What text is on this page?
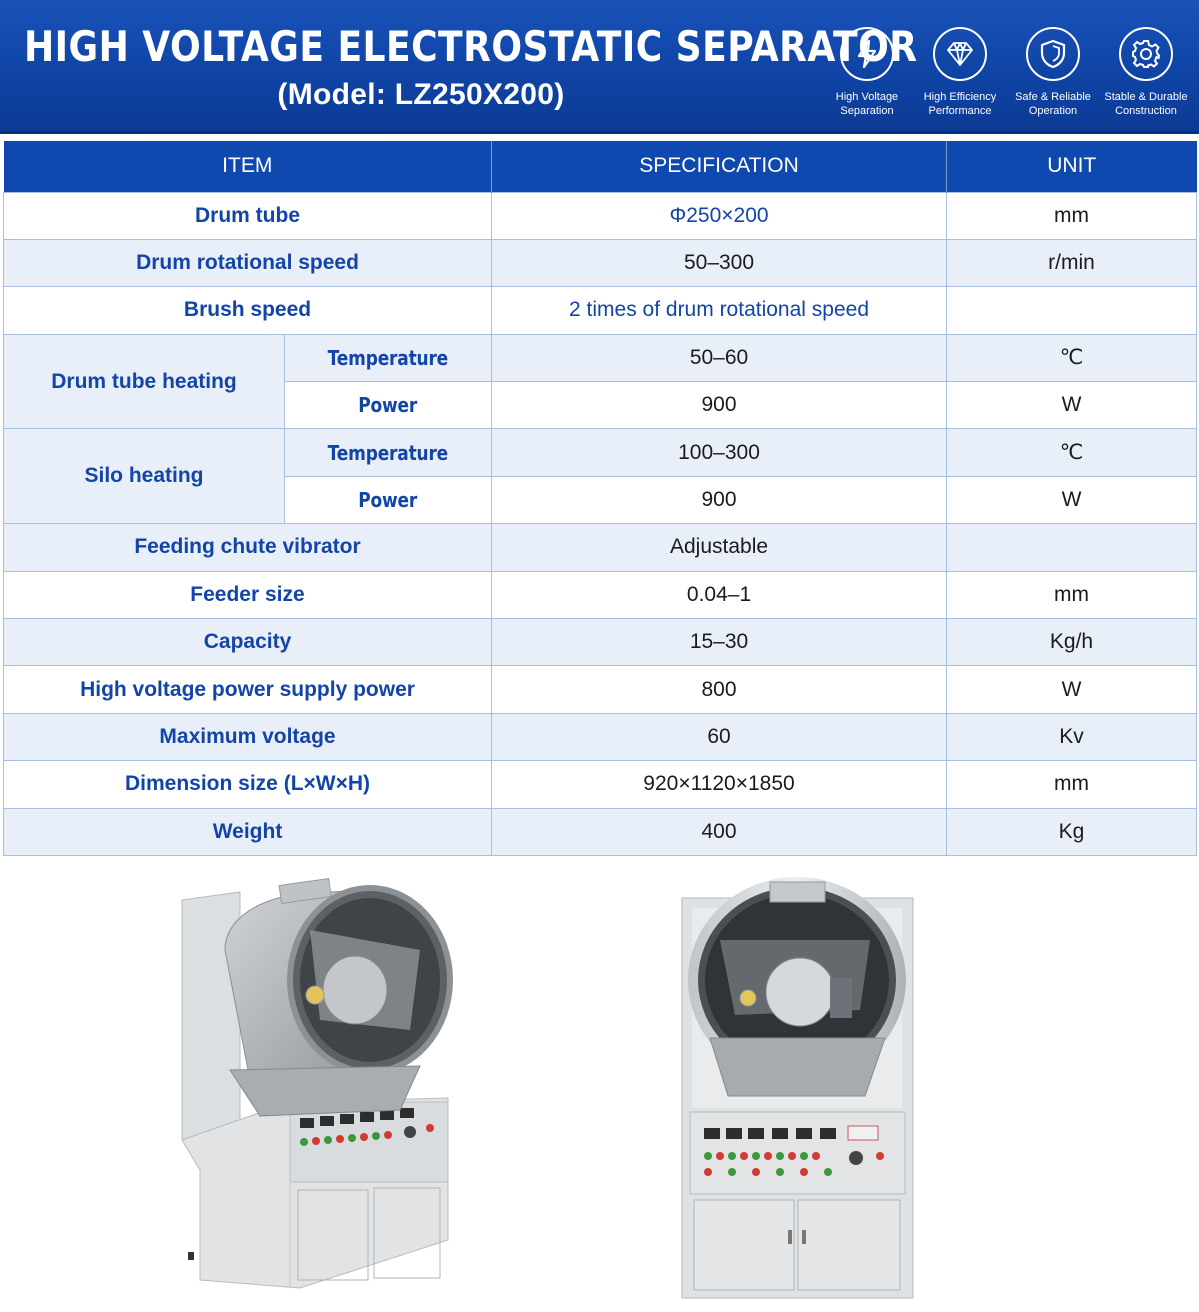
HIGH VOLTAGE ELECTROSTATIC SEPARATOR
(Model: LZ250X200)	High Voltage
Separation
High Efficiency
Performance
Safe & Reliable
Operation
Stable & Durable
Construction
ITEM		SPECIFICATION	UNIT
Drum tube		Φ250×200	mm
Drum rotational speed		50–300	r/min
Brush speed		2 times of drum rotational speed	
Drum tube heating	Temperature	50–60	℃
	Power	900	W
Silo heating	Temperature	100–300	℃
	Power	900	W
Feeding chute vibrator		Adjustable	
Feeder size		0.04–1	mm
Capacity		15–30	Kg/h
High voltage power supply power		800	W
Maximum voltage		60	Kv
Dimension size (L×W×H)		920×1120×1850	mm
Weight		400	Kg
